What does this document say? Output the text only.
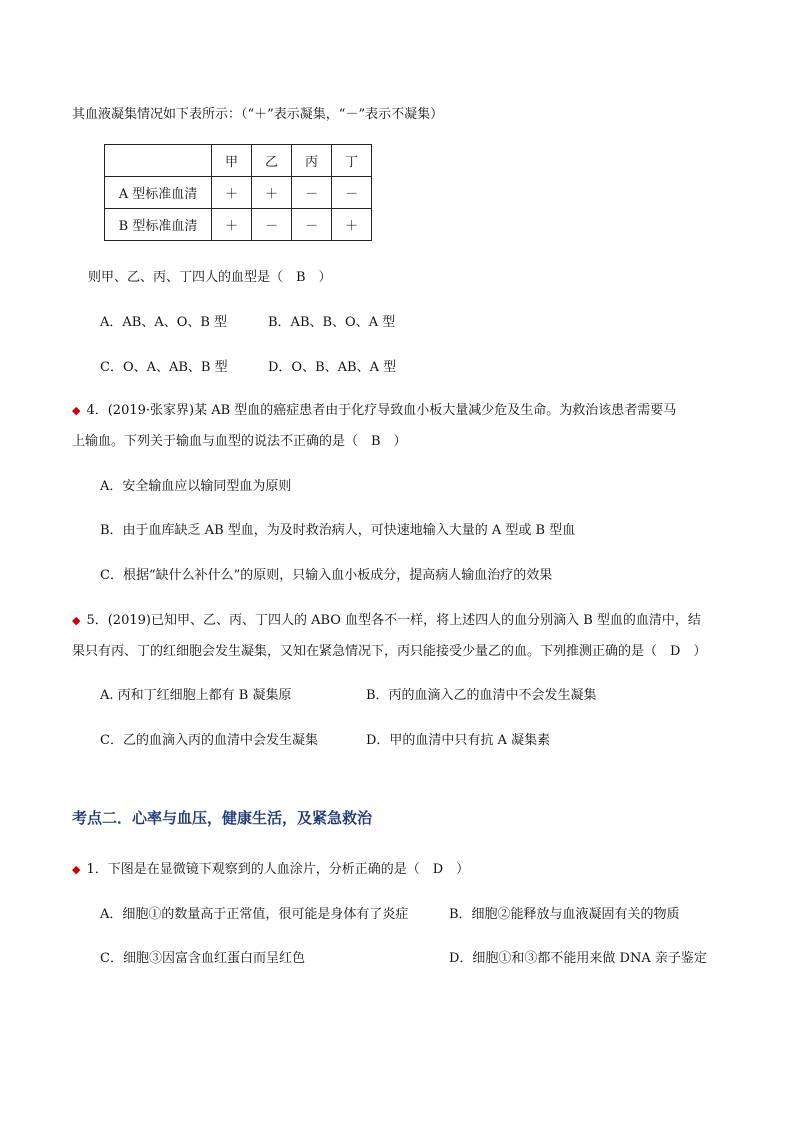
其血液凝集情况如下表所示：（“＋”表示凝集，“－”表示不凝集）
	甲	乙	丙	丁
A 型标准血清	＋	＋	－	－
B 型标准血清	＋	－	－	＋
则甲、乙、丙、丁四人的血型是（　B　）
A．AB、A、O、B 型	B．AB、B、O、A 型
C．O、A、AB、B 型	D．O、B、AB、A 型
◆ 4．(2019·张家界)某 AB 型血的癌症患者由于化疗导致血小板大量减少危及生命。为救治该患者需要马
上输血。下列关于输血与血型的说法不正确的是（　B　）
A．安全输血应以输同型血为原则
B．由于血库缺乏 AB 型血，为及时救治病人，可快速地输入大量的 A 型或 B 型血
C．根据“缺什么补什么”的原则，只输入血小板成分，提高病人输血治疗的效果
◆ 5．(2019)已知甲、乙、丙、丁四人的 ABO 血型各不一样，将上述四人的血分别滴入 B 型血的血清中，结
果只有丙、丁的红细胞会发生凝集，又知在紧急情况下，丙只能接受少量乙的血。下列推测正确的是（　D　）
A. 丙和丁红细胞上都有 B 凝集原	B．丙的血滴入乙的血清中不会发生凝集
C．乙的血滴入丙的血清中会发生凝集	D．甲的血清中只有抗 A 凝集素
考点二．心率与血压，健康生活，及紧急救治
◆ 1．下图是在显微镜下观察到的人血涂片，分析正确的是（　D　）
A．细胞①的数量高于正常值，很可能是身体有了炎症	B．细胞②能释放与血液凝固有关的物质
C．细胞③因富含血红蛋白而呈红色	D．细胞①和③都不能用来做 DNA 亲子鉴定
